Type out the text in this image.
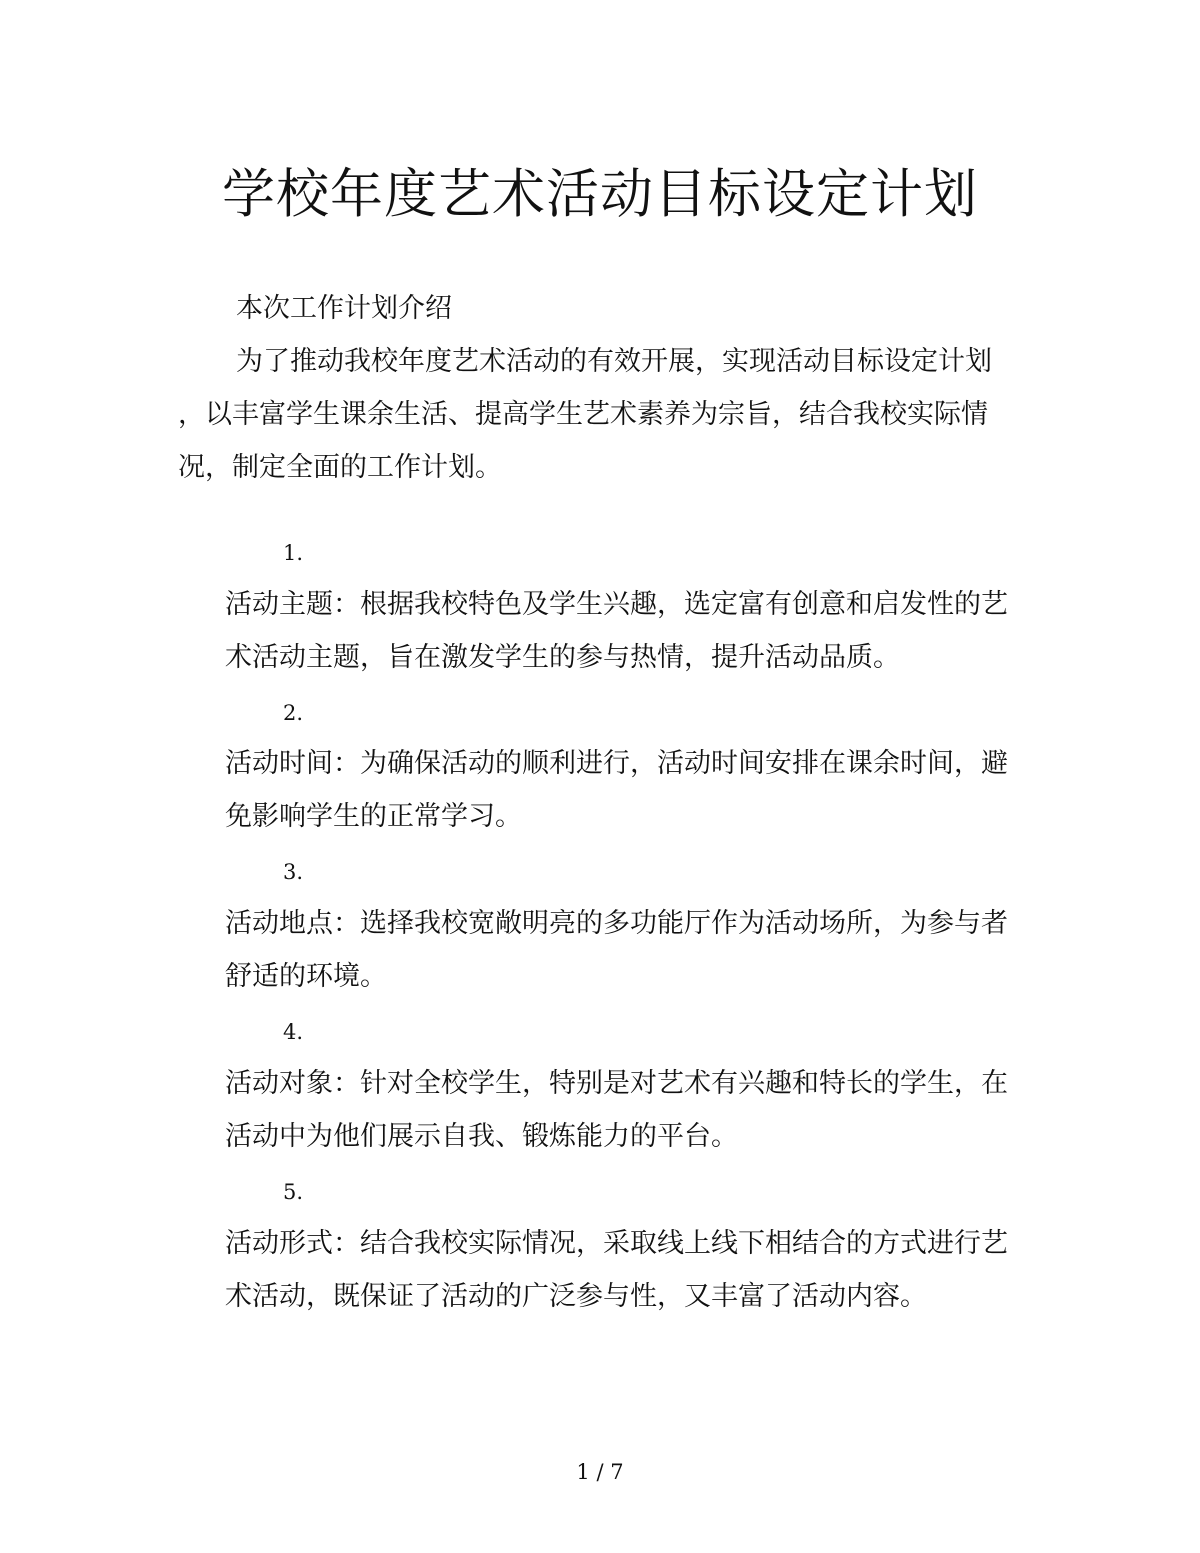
学校年度艺术活动目标设定计划

本次工作计划介绍

为了推动我校年度艺术活动的有效开展，实现活动目标设定计划

，以丰富学生课余生活、提高学生艺术素养为宗旨，结合我校实际情

况，制定全面的工作计划。

1.

活动主题：根据我校特色及学生兴趣，选定富有创意和启发性的艺

术活动主题，旨在激发学生的参与热情，提升活动品质。

2.

活动时间：为确保活动的顺利进行，活动时间安排在课余时间，避

免影响学生的正常学习。

3.

活动地点：选择我校宽敞明亮的多功能厅作为活动场所，为参与者

舒适的环境。

4.

活动对象：针对全校学生，特别是对艺术有兴趣和特长的学生，在

活动中为他们展示自我、锻炼能力的平台。

5.

活动形式：结合我校实际情况，采取线上线下相结合的方式进行艺

术活动，既保证了活动的广泛参与性，又丰富了活动内容。

1 / 7
